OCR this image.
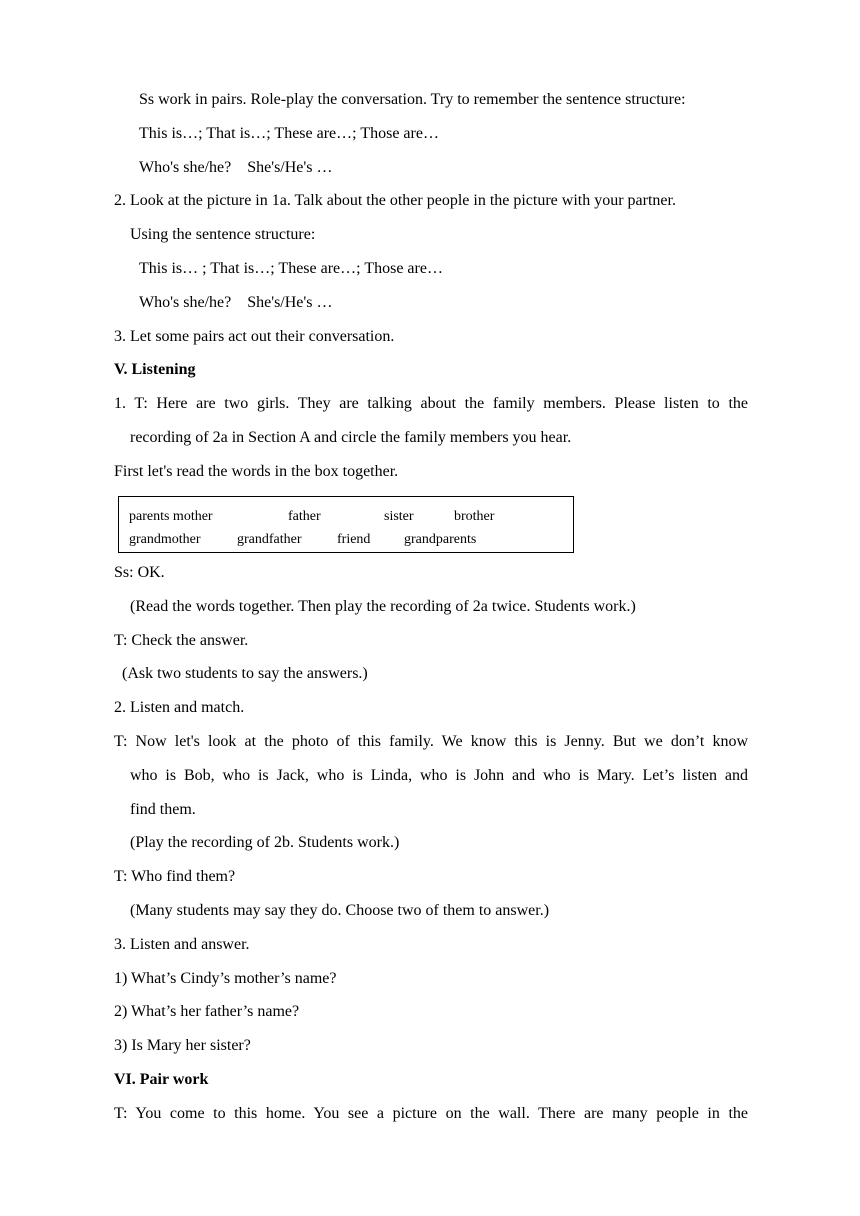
Ss work in pairs. Role-play the conversation. Try to remember the sentence structure:
This is…; That is…; These are…; Those are…
Who's she/he?    She's/He's …
2. Look at the picture in 1a. Talk about the other people in the picture with your partner.
Using the sentence structure:
This is… ; That is…; These are…; Those are…
Who's she/he?    She's/He's …
3. Let some pairs act out their conversation.
V. Listening
1. T: Here are two girls. They are talking about the family members. Please listen to the
recording of 2a in Section A and circle the family members you hear.
First let's read the words in the box together.
parents mother	father	sister	brother
grandmother	grandfather	friend grandparents
Ss: OK.
(Read the words together. Then play the recording of 2a twice. Students work.)
T: Check the answer.
(Ask two students to say the answers.)
2. Listen and match.
T: Now let's look at the photo of this family. We know this is Jenny. But we don’t know
who is Bob, who is Jack, who is Linda, who is John and who is Mary. Let’s listen and
find them.
(Play the recording of 2b. Students work.)
T: Who find them?
(Many students may say they do. Choose two of them to answer.)
3. Listen and answer.
1) What’s Cindy’s mother’s name?
2) What’s her father’s name?
3) Is Mary her sister?
VI. Pair work
T: You come to this home. You see a picture on the wall. There are many people in the
